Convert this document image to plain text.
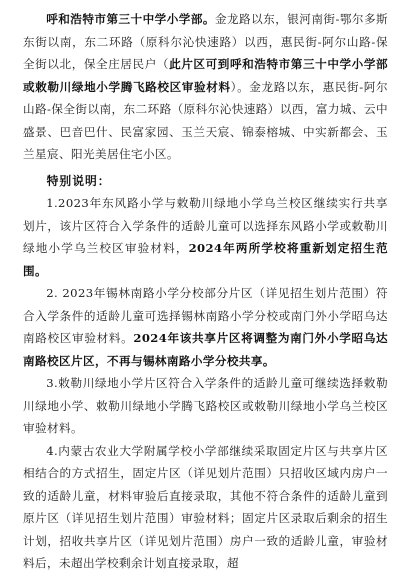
呼和浩特市第三十中学小学部。金龙路以东，银河南街-鄂尔多斯东街以南，东二环路（原科尔沁快速路）以西，惠民街-阿尔山路-保全街以北，保全庄居民户（此片区可到呼和浩特市第三十中学小学部或敕勒川绿地小学腾飞路校区审验材料）。金龙路以东，惠民街-阿尔山路-保全街以南，东二环路（原科尔沁快速路）以西，富力城、云中盛景、巴音巴什、民富家园、玉兰天宸、锦泰榕城、中实新都会、玉兰星宸、阳光美居住宅小区。

特别说明：

1.2023年东风路小学与敕勒川绿地小学乌兰校区继续实行共享划片，该片区符合入学条件的适龄儿童可以选择东风路小学或敕勒川绿地小学乌兰校区审验材料，2024年两所学校将重新划定招生范围。

2. 2023年锡林南路小学分校部分片区（详见招生划片范围）符合入学条件的适龄儿童可选择锡林南路小学分校或南门外小学昭乌达南路校区审验材料。2024年该共享片区将调整为南门外小学昭乌达南路校区片区，不再与锡林南路小学分校共享。

3.敕勒川绿地小学片区符合入学条件的适龄儿童可继续选择敕勒川绿地小学、敕勒川绿地小学腾飞路校区或敕勒川绿地小学乌兰校区审验材料。

4.内蒙古农业大学附属学校小学部继续采取固定片区与共享片区相结合的方式招生，固定片区（详见划片范围）只招收区域内房户一致的适龄儿童，材料审验后直接录取，其他不符合条件的适龄儿童到原片区（详见招生划片范围）审验材料；固定片区录取后剩余的招生计划，招收共享片区（详见划片范围）房户一致的适龄儿童，审验材料后，未超出学校剩余计划直接录取，超
